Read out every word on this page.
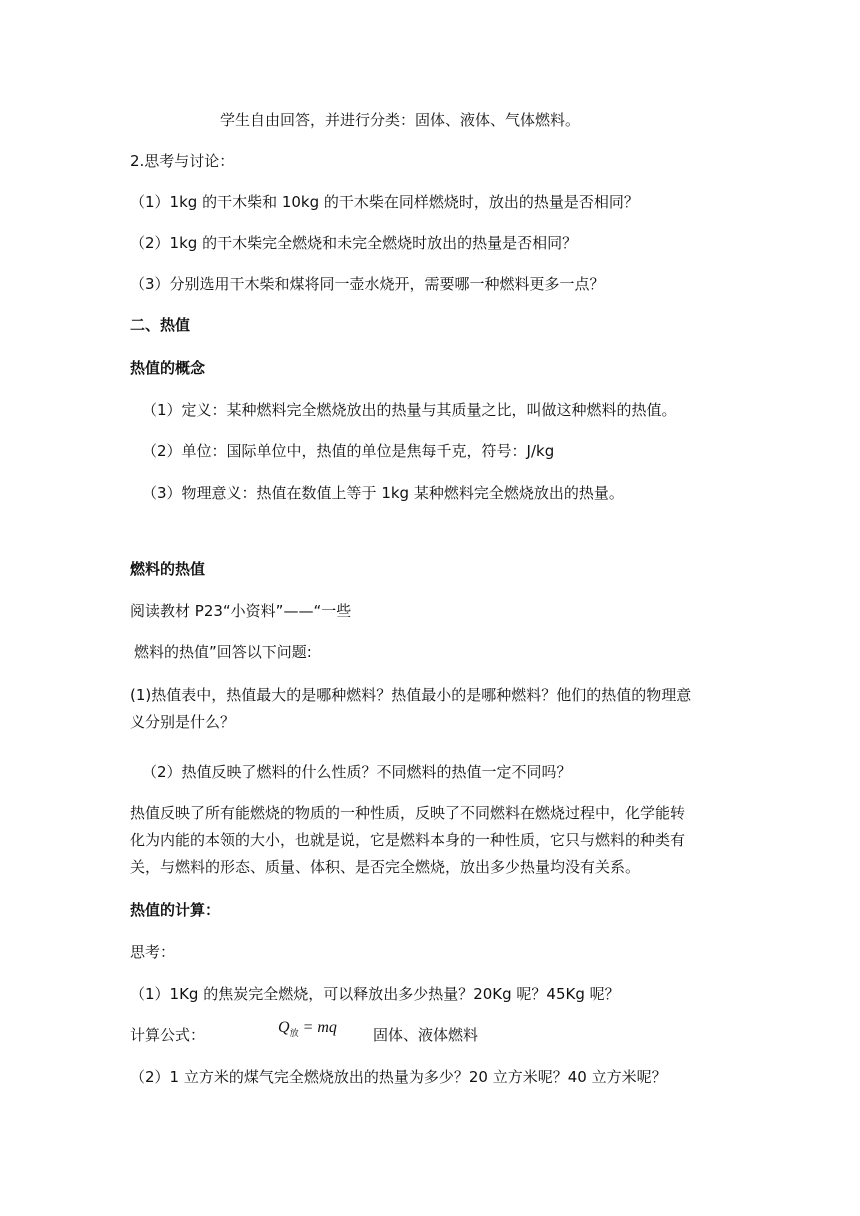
学生自由回答，并进行分类：固体、液体、气体燃料。
2.思考与讨论：
（1）1kg 的干木柴和 10kg 的干木柴在同样燃烧时，放出的热量是否相同？
（2）1kg 的干木柴完全燃烧和未完全燃烧时放出的热量是否相同？
（3）分别选用干木柴和煤将同一壶水烧开，需要哪一种燃料更多一点？
二、热值
热值的概念
（1）定义：某种燃料完全燃烧放出的热量与其质量之比，叫做这种燃料的热值。
（2）单位：国际单位中，热值的单位是焦每千克，符号：J/kg
（3）物理意义：热值在数值上等于 1kg 某种燃料完全燃烧放出的热量。
燃料的热值
阅读教材 P23“小资料”——“一些
燃料的热值”回答以下问题:
(1)热值表中，热值最大的是哪种燃料？热值最小的是哪种燃料？他们的热值的物理意
义分别是什么？
（2）热值反映了燃料的什么性质？不同燃料的热值一定不同吗？
热值反映了所有能燃烧的物质的一种性质，反映了不同燃料在燃烧过程中，化学能转
化为内能的本领的大小，也就是说，它是燃料本身的一种性质，它只与燃料的种类有
关，与燃料的形态、质量、体积、是否完全燃烧，放出多少热量均没有关系。
热值的计算：
思考：
（1）1Kg 的焦炭完全燃烧，可以释放出多少热量？20Kg 呢？45Kg 呢？
计算公式：	$Q_放$ = mq 固体、液体燃料
（2）1 立方米的煤气完全燃烧放出的热量为多少？20 立方米呢？40 立方米呢？
